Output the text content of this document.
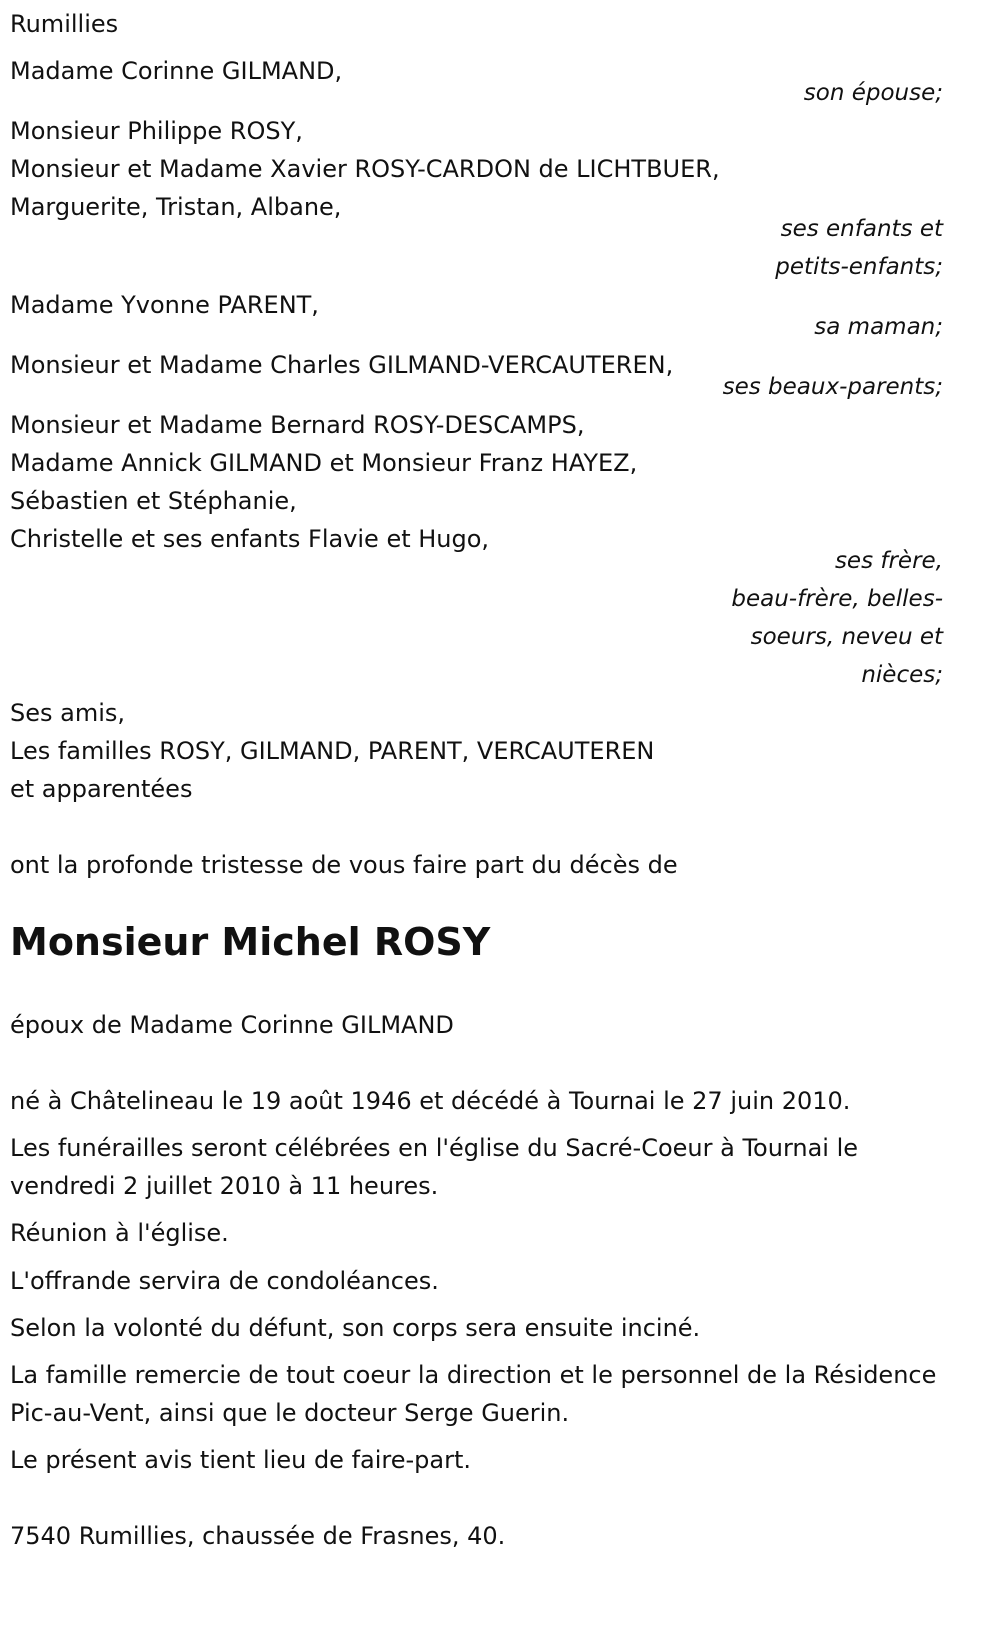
Rumillies
Madame Corinne GILMAND,
son épouse;
Monsieur Philippe ROSY,
Monsieur et Madame Xavier ROSY-CARDON de LICHTBUER,
Marguerite, Tristan, Albane,
ses enfants et
petits-enfants;
Madame Yvonne PARENT,
sa maman;
Monsieur et Madame Charles GILMAND-VERCAUTEREN,
ses beaux-parents;
Monsieur et Madame Bernard ROSY-DESCAMPS,
Madame Annick GILMAND et Monsieur Franz HAYEZ,
Sébastien et Stéphanie,
Christelle et ses enfants Flavie et Hugo,
ses frère,
beau-frère, belles-
soeurs, neveu et
nièces;
Ses amis,
Les familles ROSY, GILMAND, PARENT, VERCAUTEREN
et apparentées
ont la profonde tristesse de vous faire part du décès de
Monsieur Michel ROSY
époux de Madame Corinne GILMAND
né à Châtelineau le 19 août 1946 et décédé à Tournai le 27 juin 2010.
Les funérailles seront célébrées en l'église du Sacré-Coeur à Tournai le vendredi 2 juillet 2010 à 11 heures.
Réunion à l'église.
L'offrande servira de condoléances.
Selon la volonté du défunt, son corps sera ensuite inciné.
La famille remercie de tout coeur la direction et le personnel de la Résidence Pic-au-Vent, ainsi que le docteur Serge Guerin.
Le présent avis tient lieu de faire-part.
7540 Rumillies, chaussée de Frasnes, 40.
